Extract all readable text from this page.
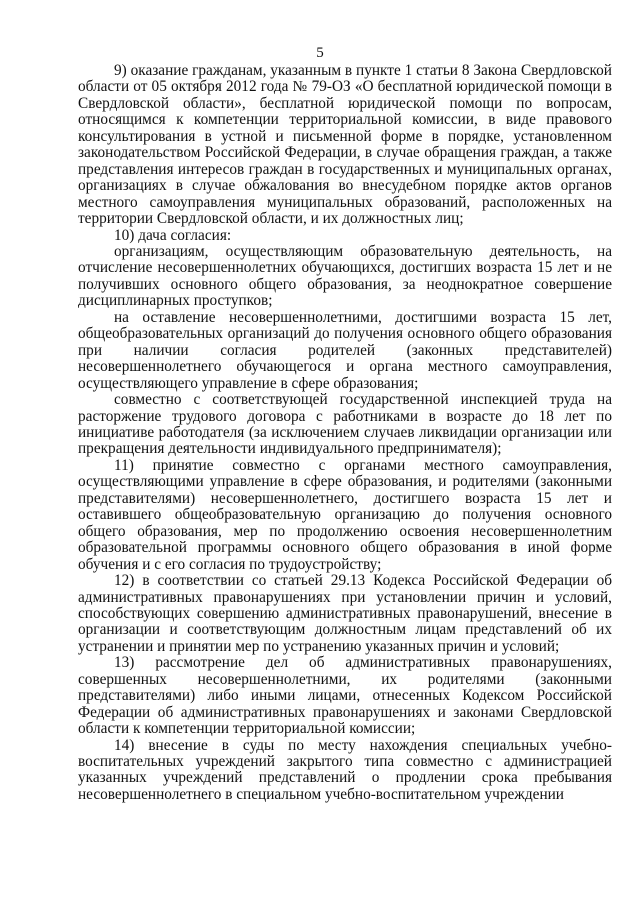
5

9) оказание гражданам, указанным в пункте 1 статьи 8 Закона Свердловской области от 05 октября 2012 года № 79-ОЗ «О бесплатной юридической помощи в Свердловской области», бесплатной юридической помощи по вопросам, относящимся к компетенции территориальной комиссии, в виде правового консультирования в устной и письменной форме в порядке, установленном законодательством Российской Федерации, в случае обращения граждан, а также представления интересов граждан в государственных и муниципальных органах, организациях в случае обжалования во внесудебном порядке актов органов местного самоуправления муниципальных образований, расположенных на территории Свердловской области, и их должностных лиц;

10) дача согласия:

организациям, осуществляющим образовательную деятельность, на отчисление несовершеннолетних обучающихся, достигших возраста 15 лет и не получивших основного общего образования, за неоднократное совершение дисциплинарных проступков;

на оставление несовершеннолетними, достигшими возраста 15 лет, общеобразовательных организаций до получения основного общего образования при наличии согласия родителей (законных представителей) несовершеннолетнего обучающегося и органа местного самоуправления, осуществляющего управление в сфере образования;

совместно с соответствующей государственной инспекцией труда на расторжение трудового договора с работниками в возрасте до 18 лет по инициативе работодателя (за исключением случаев ликвидации организации или прекращения деятельности индивидуального предпринимателя);

11) принятие совместно с органами местного самоуправления, осуществляющими управление в сфере образования, и родителями (законными представителями) несовершеннолетнего, достигшего возраста 15 лет и оставившего общеобразовательную организацию до получения основного общего образования, мер по продолжению освоения несовершеннолетним образовательной программы основного общего образования в иной форме обучения и с его согласия по трудоустройству;

12) в соответствии со статьей 29.13 Кодекса Российской Федерации об административных правонарушениях при установлении причин и условий, способствующих совершению административных правонарушений, внесение в организации и соответствующим должностным лицам представлений об их устранении и принятии мер по устранению указанных причин и условий;

13) рассмотрение дел об административных правонарушениях, совершенных несовершеннолетними, их родителями (законными представителями) либо иными лицами, отнесенных Кодексом Российской Федерации об административных правонарушениях и законами Свердловской области к компетенции территориальной комиссии;

14) внесение в суды по месту нахождения специальных учебно-воспитательных учреждений закрытого типа совместно с администрацией указанных учреждений представлений о продлении срока пребывания несовершеннолетнего в специальном учебно-воспитательном учреждении
